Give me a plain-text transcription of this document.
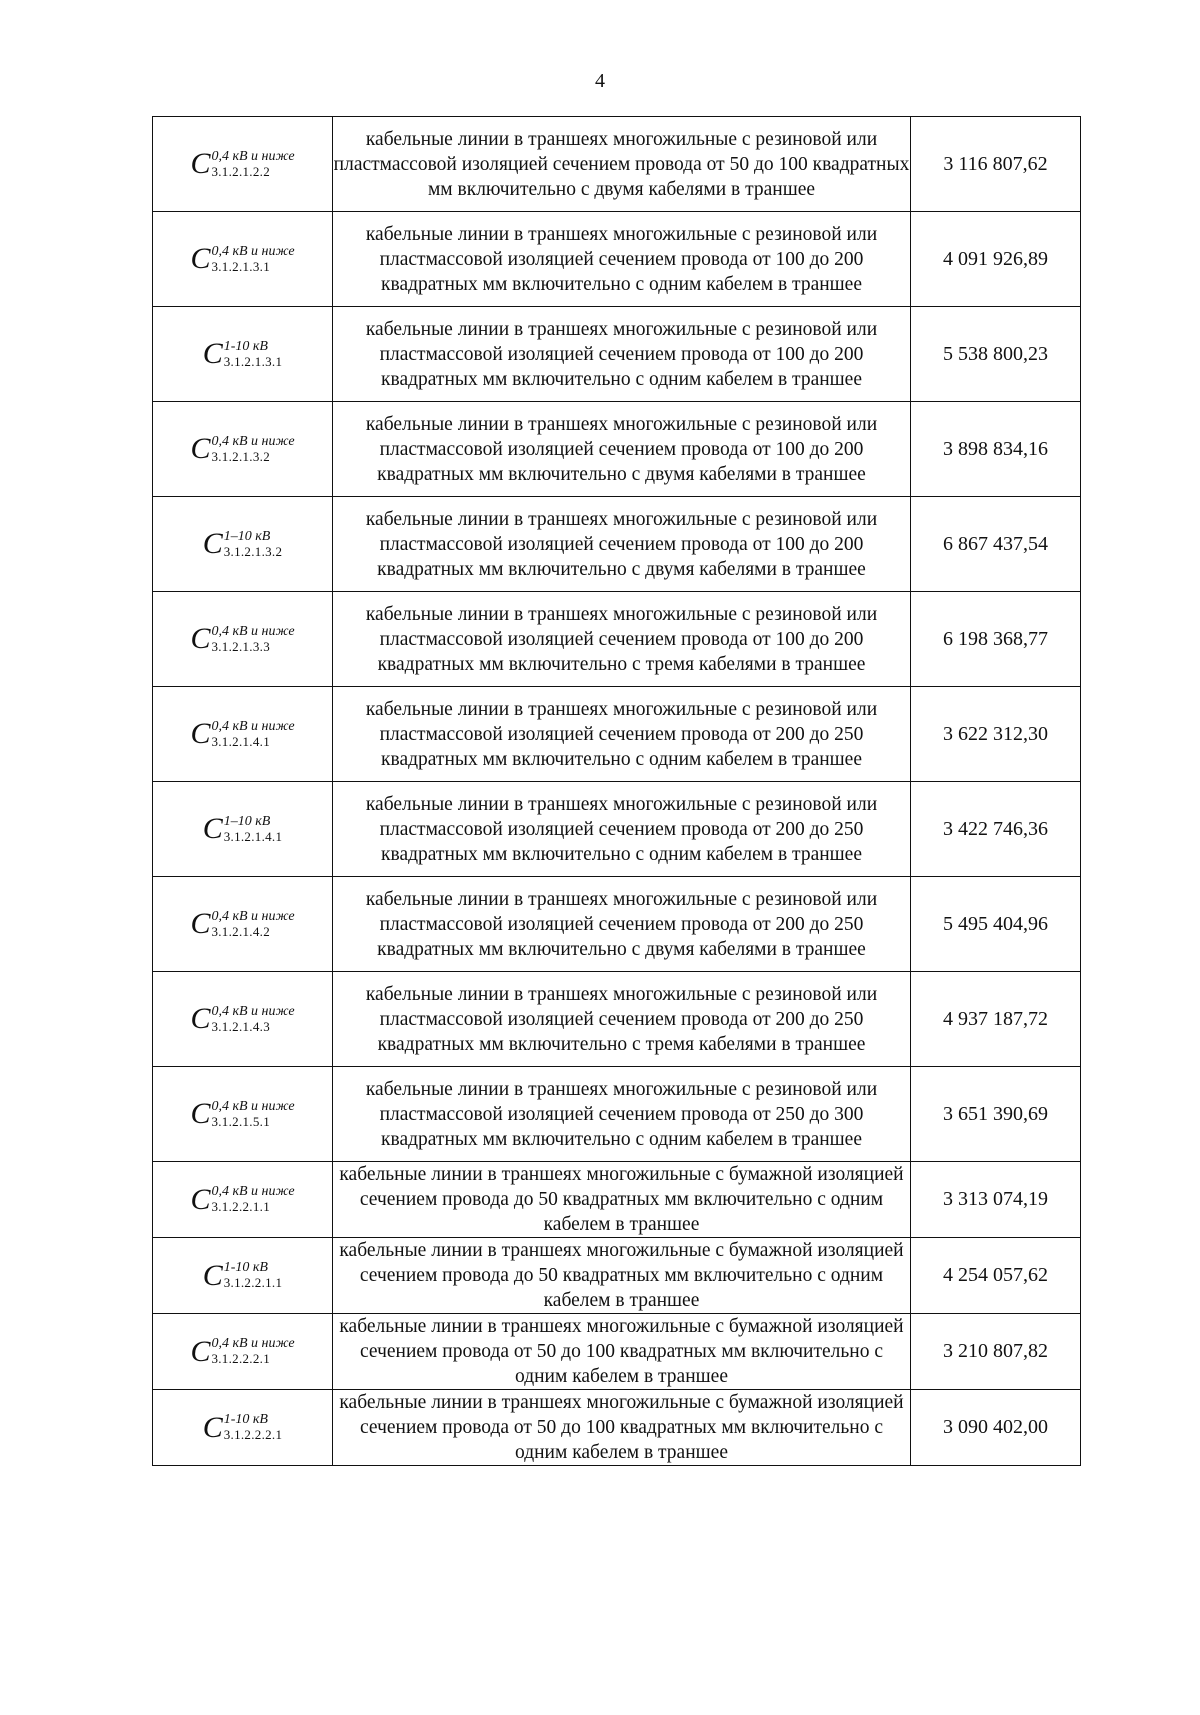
4
C 0,4 кВ и ниже
3.1.2.1.2.2	кабельные линии в траншеях многожильные с резиновой или пластмассовой изоляцией сечением провода от 50 до 100 квадратных мм включительно с двумя кабелями в траншее	3 116 807,62

C 0,4 кВ и ниже
3.1.2.1.3.1	кабельные линии в траншеях многожильные с резиновой или пластмассовой изоляцией сечением провода от 100 до 200 квадратных мм включительно с одним кабелем в траншее	4 091 926,89

C 1-10 кВ
3.1.2.1.3.1	кабельные линии в траншеях многожильные с резиновой или пластмассовой изоляцией сечением провода от 100 до 200 квадратных мм включительно с одним кабелем в траншее	5 538 800,23

C 0,4 кВ и ниже
3.1.2.1.3.2	кабельные линии в траншеях многожильные с резиновой или пластмассовой изоляцией сечением провода от 100 до 200 квадратных мм включительно с двумя кабелями в траншее	3 898 834,16

C 1–10 кВ
3.1.2.1.3.2	кабельные линии в траншеях многожильные с резиновой или пластмассовой изоляцией сечением провода от 100 до 200 квадратных мм включительно с двумя кабелями в траншее	6 867 437,54

C 0,4 кВ и ниже
3.1.2.1.3.3	кабельные линии в траншеях многожильные с резиновой или пластмассовой изоляцией сечением провода от 100 до 200 квадратных мм включительно с тремя кабелями в траншее	6 198 368,77

C 0,4 кВ и ниже
3.1.2.1.4.1	кабельные линии в траншеях многожильные с резиновой или пластмассовой изоляцией сечением провода от 200 до 250 квадратных мм включительно с одним кабелем в траншее	3 622 312,30

C 1–10 кВ
3.1.2.1.4.1	кабельные линии в траншеях многожильные с резиновой или пластмассовой изоляцией сечением провода от 200 до 250 квадратных мм включительно с одним кабелем в траншее	3 422 746,36

C 0,4 кВ и ниже
3.1.2.1.4.2	кабельные линии в траншеях многожильные с резиновой или пластмассовой изоляцией сечением провода от 200 до 250 квадратных мм включительно с двумя кабелями в траншее	5 495 404,96

C 0,4 кВ и ниже
3.1.2.1.4.3	кабельные линии в траншеях многожильные с резиновой или пластмассовой изоляцией сечением провода от 200 до 250 квадратных мм включительно с тремя кабелями в траншее	4 937 187,72

C 0,4 кВ и ниже
3.1.2.1.5.1	кабельные линии в траншеях многожильные с резиновой или пластмассовой изоляцией сечением провода от 250 до 300 квадратных мм включительно с одним кабелем в траншее	3 651 390,69

C 0,4 кВ и ниже
3.1.2.2.1.1	кабельные линии в траншеях многожильные с бумажной изоляцией сечением провода до 50 квадратных мм включительно с одним кабелем в траншее	3 313 074,19

C 1-10 кВ
3.1.2.2.1.1	кабельные линии в траншеях многожильные с бумажной изоляцией сечением провода до 50 квадратных мм включительно с одним кабелем в траншее	4 254 057,62

C 0,4 кВ и ниже
3.1.2.2.2.1	кабельные линии в траншеях многожильные с бумажной изоляцией сечением провода от 50 до 100 квадратных мм включительно с одним кабелем в траншее	3 210 807,82

C 1-10 кВ
3.1.2.2.2.1	кабельные линии в траншеях многожильные с бумажной изоляцией сечением провода от 50 до 100 квадратных мм включительно с одним кабелем в траншее	3 090 402,00
